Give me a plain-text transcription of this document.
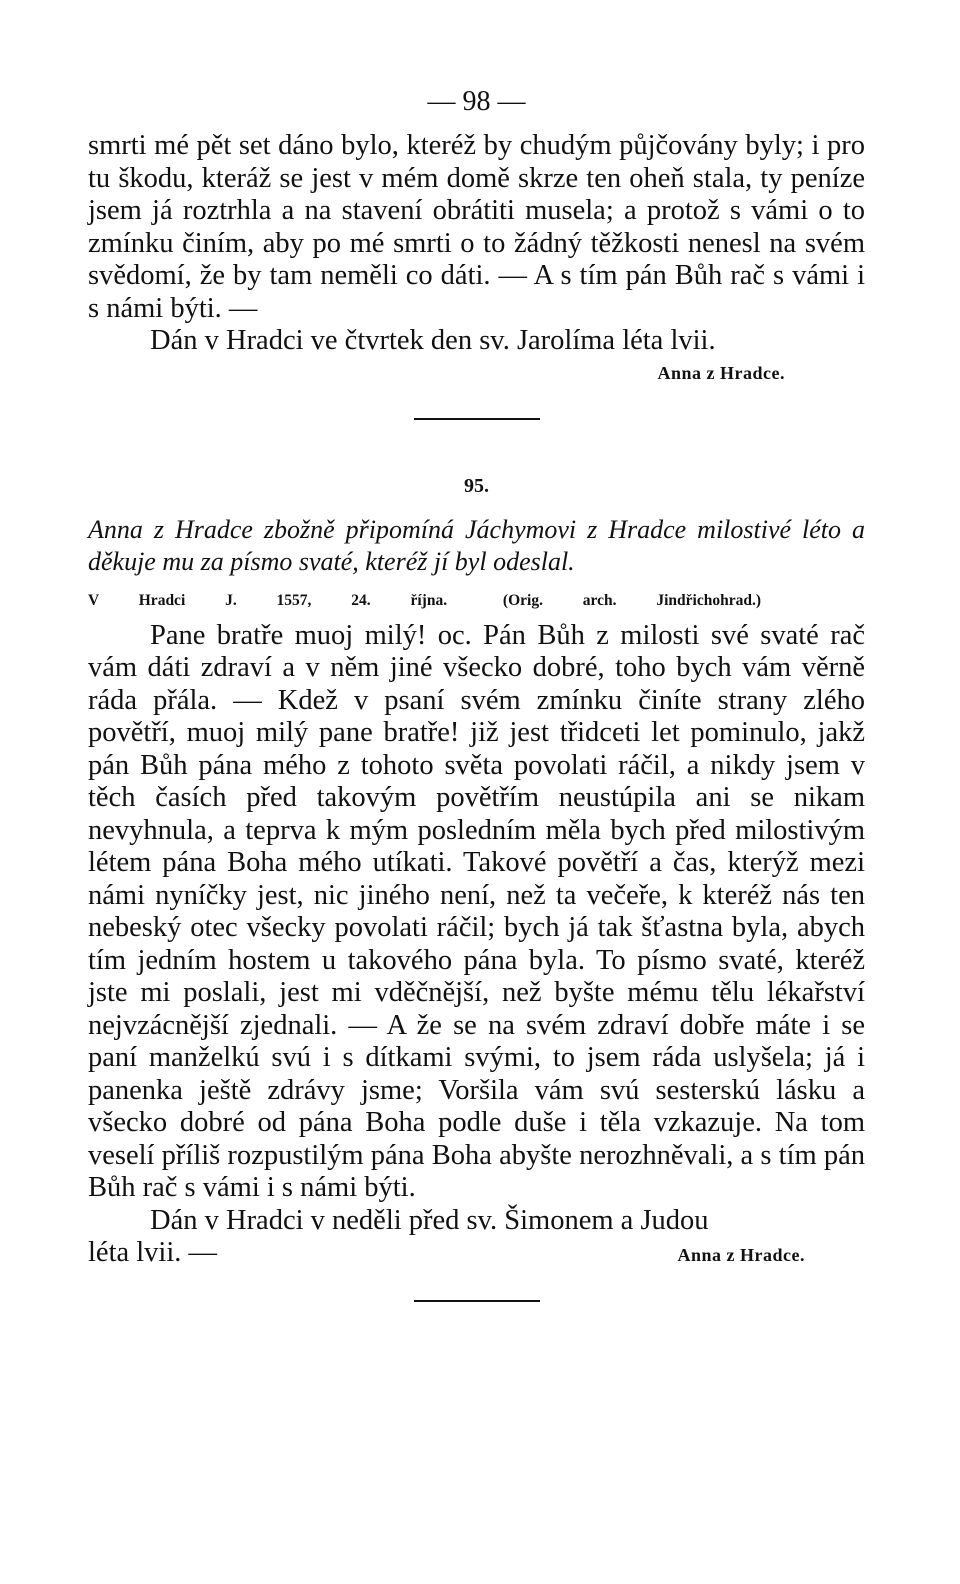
— 98 —

smrti mé pět set dáno bylo, kteréž by chudým půjčovány byly; i pro tu škodu, kteráž se jest v mém domě skrze ten oheň stala, ty peníze jsem já roztrhla a na stavení obrátiti musela; a protož s vámi o to zmínku činím, aby po mé smrti o to žádný těžkosti nenesl na svém svědomí, že by tam neměli co dáti. — A s tím pán Bůh rač s vámi i s námi býti. —

Dán v Hradci ve čtvrtek den sv. Jarolíma léta lvii.

Anna z Hradce.

95.

Anna z Hradce zbožně připomíná Jáchymovi z Hradce milostivé léto a děkuje mu za písmo svaté, kteréž jí byl odeslal.

V Hradci J. 1557, 24. října.	(Orig. arch. Jindřichohrad.)

Pane bratře muoj milý! oc. Pán Bůh z milosti své svaté rač vám dáti zdraví a v něm jiné všecko dobré, toho bych vám věrně ráda přála. — Kdež v psaní svém zmínku činíte strany zlého povětří, muoj milý pane bratře! již jest třidceti let pominulo, jakž pán Bůh pána mého z tohoto světa povolati ráčil, a nikdy jsem v těch časích před takovým povětřím neustúpila ani se nikam nevyhnula, a teprva k mým posledním měla bych před milostivým létem pána Boha mého utíkati. Takové povětří a čas, kterýž mezi námi nyníčky jest, nic jiného není, než ta večeře, k kteréž nás ten nebeský otec všecky povolati ráčil; bych já tak šťastna byla, abych tím jedním hostem u takového pána byla. To písmo svaté, kteréž jste mi poslali, jest mi vděčnější, než byšte mému tělu lékařství nejvzácnější zjednali. — A že se na svém zdraví dobře máte i se paní manželkú svú i s dítkami svými, to jsem ráda uslyšela; já i panenka ještě zdrávy jsme; Voršila vám svú sesterskú lásku a všecko dobré od pána Boha podle duše i těla vzkazuje. Na tom veselí příliš rozpustilým pána Boha abyšte nerozhněvali, a s tím pán Bůh rač s vámi i s námi býti.

Dán v Hradci v neděli před sv. Šimonem a Judou

léta lvii. —	Anna z Hradce.
